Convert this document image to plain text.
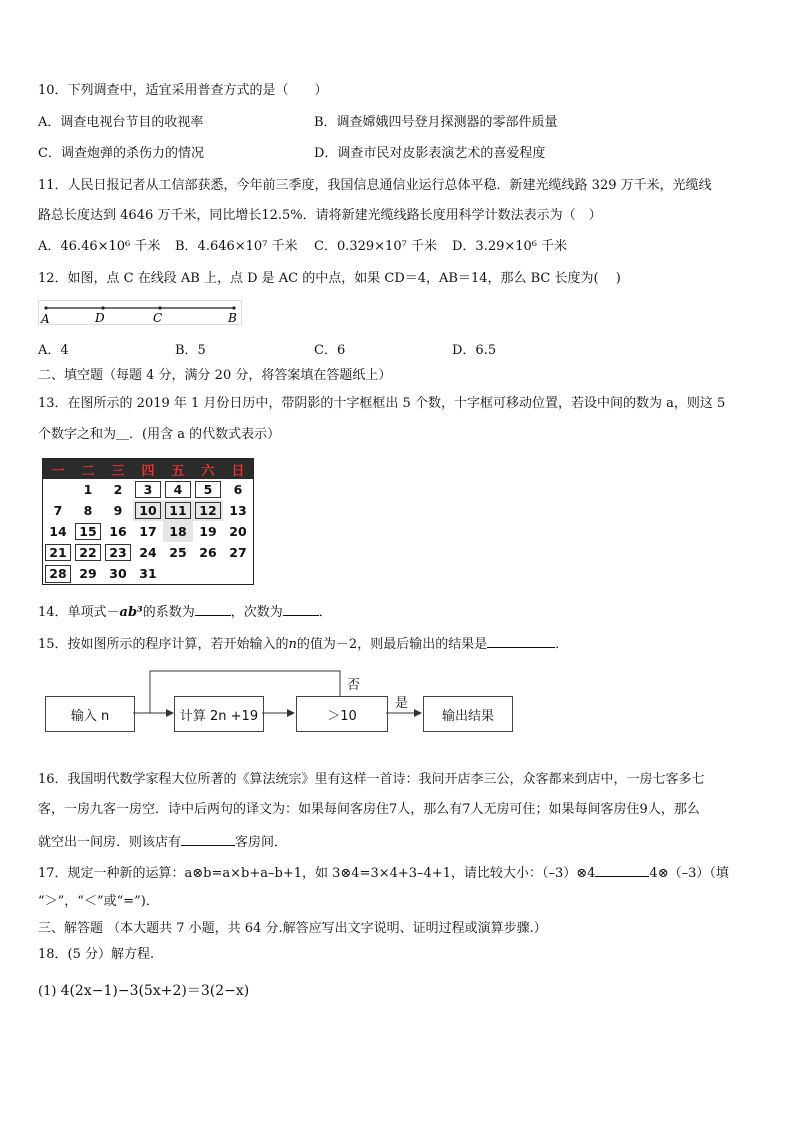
10．下列调查中，适宜采用普查方式的是（　　）
A．调查电视台节目的收视率	B．调查嫦娥四号登月探测器的零部件质量
C．调查炮弹的杀伤力的情况	D．调查市民对皮影表演艺术的喜爱程度
11．人民日报记者从工信部获悉，今年前三季度，我国信息通信业运行总体平稳．新建光缆线路 329 万千米，光缆线
路总长度达到 4646 万千米，同比增长12.5%．请将新建光缆线路长度用科学计数法表示为（　）
A．46.46×10⁶ 千米 B．4.646×10⁷ 千米 C．0.329×10⁷ 千米 D．3.29×10⁶ 千米
12．如图，点 C 在线段 AB 上，点 D 是 AC 的中点，如果 CD＝4，AB＝14，那么 BC 长度为(　 )
A	D	C	B
A．4	B．5	C．6	D．6.5
二、填空题（每题 4 分，满分 20 分，将答案填在答题纸上）
13．在图所示的 2019 年 1 月份日历中，带阴影的十字框框出 5 个数，十字框可移动位置，若设中间的数为 a，则这 5
个数字之和为＿．(用含 a 的代数式表示）
一	二	三	四	五	六	日
	1	2	3	4	5	6
7	8	9	10	11	12	13
14	15	16	17	18	19	20
21	22	23	24	25	26	27
28	29	30	31			
14．单项式－ab³的系数为	，次数为	．
15．按如图所示的程序计算，若开始输入的n的值为－2，则最后输出的结果是	．
输入 n	计算 2n +19	＞10	输出结果
否
是
16．我国明代数学家程大位所著的《算法统宗》里有这样一首诗：我问开店李三公，众客都来到店中，一房七客多七
客，一房九客一房空．诗中后两句的译文为：如果每间客房住7人，那么有7人无房可住；如果每间客房住9人，那么
就空出一间房．则该店有	客房间．
17．规定一种新的运算：a⊗b=a×b+a–b+1，如 3⊗4=3×4+3–4+1，请比较大小：（–3）⊗4	4⊗（–3）（填
“＞”，“＜”或“=”)．
三、解答题 （本大题共 7 小题，共 64 分.解答应写出文字说明、证明过程或演算步骤.）
18．(5 分）解方程.
(1) 4(2x−1)−3(5x+2)＝3(2−x)
